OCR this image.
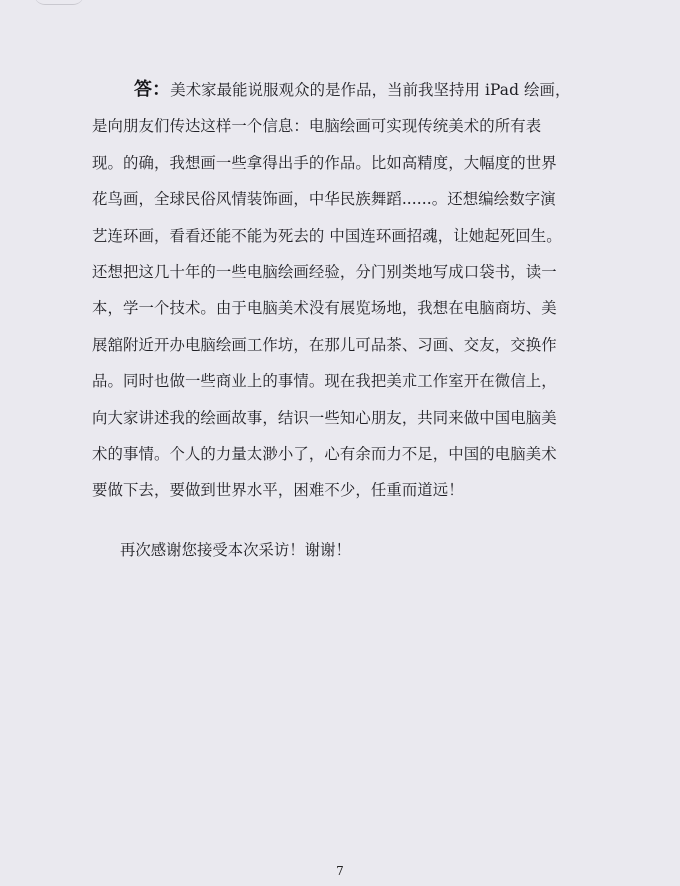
答：美术家最能说服观众的是作品，当前我坚持用 iPad 绘画，
是向朋友们传达这样一个信息：电脑绘画可实现传统美术的所有表
现。的确，我想画一些拿得出手的作品。比如高精度，大幅度的世界
花鸟画，全球民俗风情装饰画，中华民族舞蹈......。还想编绘数字演
艺连环画，看看还能不能为死去的 中国连环画招魂，让她起死回生。
还想把这几十年的一些电脑绘画经验，分门别类地写成口袋书，读一
本，学一个技术。由于电脑美术没有展览场地，我想在电脑商坊、美
展舘附近开办电脑绘画工作坊，在那儿可品茶、习画、交友，交换作
品。同时也做一些商业上的事情。现在我把美朮工作室开在微信上，
向大家讲述我的绘画故事，结识一些知心朋友，共同来做中国电脑美
术的事情。个人的力量太渺小了，心有余而力不足，中国的电脑美术
要做下去，要做到世界水平，困难不少，任重而道远！
再次感谢您接受本次采访！谢谢！
7
